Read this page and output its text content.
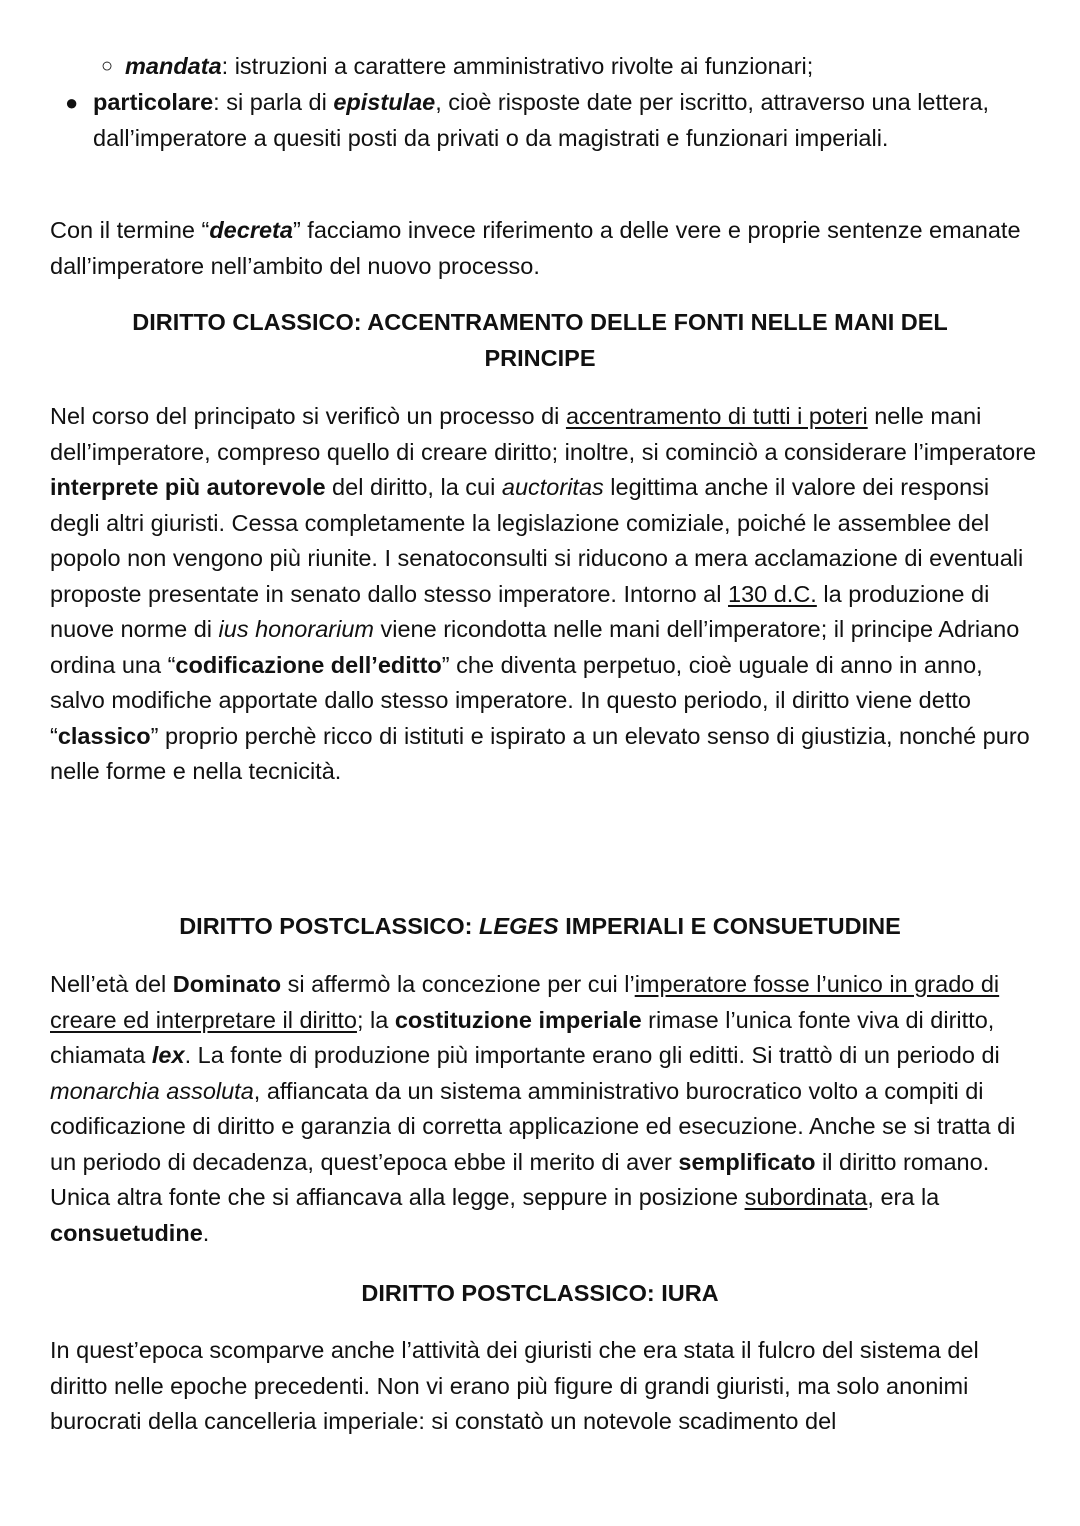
○ mandata: istruzioni a carattere amministrativo rivolte ai funzionari;
● particolare: si parla di epistulae, cioè risposte date per iscritto, attraverso una lettera, dall’imperatore a quesiti posti da privati o da magistrati e funzionari imperiali.

Con il termine “decreta” facciamo invece riferimento a delle vere e proprie sentenze emanate dall’imperatore nell’ambito del nuovo processo.

DIRITTO CLASSICO: ACCENTRAMENTO DELLE FONTI NELLE MANI DEL PRINCIPE

Nel corso del principato si verificò un processo di accentramento di tutti i poteri nelle mani dell’imperatore, compreso quello di creare diritto; inoltre, si cominciò a considerare l’imperatore interprete più autorevole del diritto, la cui auctoritas legittima anche il valore dei responsi degli altri giuristi. Cessa completamente la legislazione comiziale, poiché le assemblee del popolo non vengono più riunite. I senatoconsulti si riducono a mera acclamazione di eventuali proposte presentate in senato dallo stesso imperatore. Intorno al 130 d.C. la produzione di nuove norme di ius honorarium viene ricondotta nelle mani dell’imperatore; il principe Adriano ordina una “codificazione dell’editto” che diventa perpetuo, cioè uguale di anno in anno, salvo modifiche apportate dallo stesso imperatore. In questo periodo, il diritto viene detto “classico” proprio perchè ricco di istituti e ispirato a un elevato senso di giustizia, nonché puro nelle forme e nella tecnicità.

DIRITTO POSTCLASSICO: LEGES IMPERIALI E CONSUETUDINE

Nell’età del Dominato si affermò la concezione per cui l’imperatore fosse l’unico in grado di creare ed interpretare il diritto; la costituzione imperiale rimase l’unica fonte viva di diritto, chiamata lex. La fonte di produzione più importante erano gli editti. Si trattò di un periodo di monarchia assoluta, affiancata da un sistema amministrativo burocratico volto a compiti di codificazione di diritto e garanzia di corretta applicazione ed esecuzione. Anche se si tratta di un periodo di decadenza, quest’epoca ebbe il merito di aver semplificato il diritto romano. Unica altra fonte che si affiancava alla legge, seppure in posizione subordinata, era la consuetudine.

DIRITTO POSTCLASSICO: IURA

In quest’epoca scomparve anche l’attività dei giuristi che era stata il fulcro del sistema del diritto nelle epoche precedenti. Non vi erano più figure di grandi giuristi, ma solo anonimi burocrati della cancelleria imperiale: si constatò un notevole scadimento del
